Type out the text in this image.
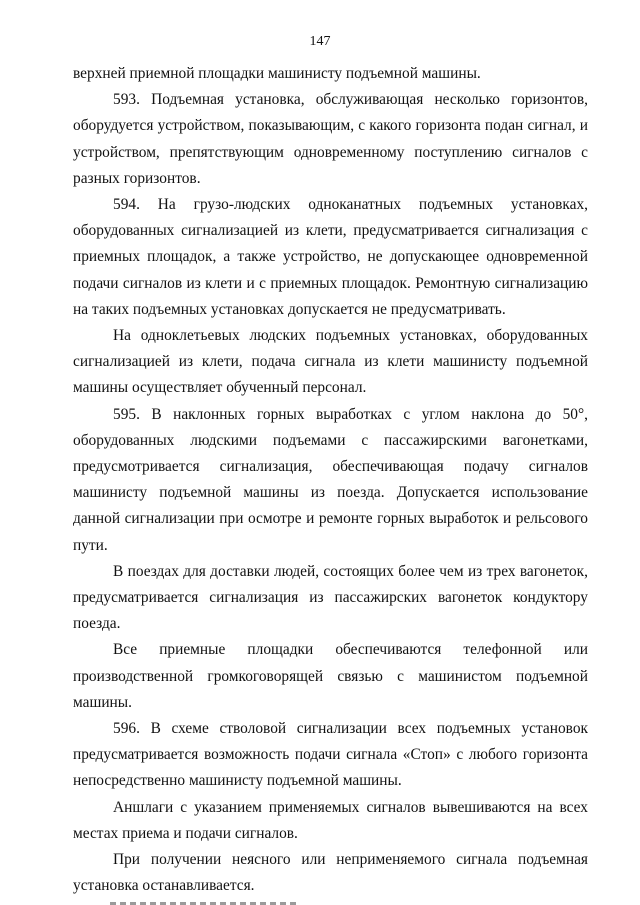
147

верхней приемной площадки машинисту подъемной машины.

593. Подъемная установка, обслуживающая несколько горизонтов, оборудуется устройством, показывающим, с какого горизонта подан сигнал, и устройством, препятствующим одновременному поступлению сигналов с разных горизонтов.

594. На грузо-людских одноканатных подъемных установках, оборудованных сигнализацией из клети, предусматривается сигнализация с приемных площадок, а также устройство, не допускающее одновременной подачи сигналов из клети и с приемных площадок. Ремонтную сигнализацию на таких подъемных установках допускается не предусматривать.

На одноклетьевых людских подъемных установках, оборудованных сигнализацией из клети, подача сигнала из клети машинисту подъемной машины осуществляет обученный персонал.

595. В наклонных горных выработках с углом наклона до 50°, оборудованных людскими подъемами с пассажирскими вагонетками, предусмотривается сигнализация, обеспечивающая подачу сигналов машинисту подъемной машины из поезда. Допускается использование данной сигнализации при осмотре и ремонте горных выработок и рельсового пути.

В поездах для доставки людей, состоящих более чем из трех вагонеток, предусматривается сигнализация из пассажирских вагонеток кондуктору поезда.

Все приемные площадки обеспечиваются телефонной или производственной громкоговорящей связью с машинистом подъемной машины.

596. В схеме стволовой сигнализации всех подъемных установок предусматривается возможность подачи сигнала «Стоп» с любого горизонта непосредственно машинисту подъемной машины.

Аншлаги с указанием применяемых сигналов вывешиваются на всех местах приема и подачи сигналов.

При получении неясного или неприменяемого сигнала подъемная установка останавливается.
